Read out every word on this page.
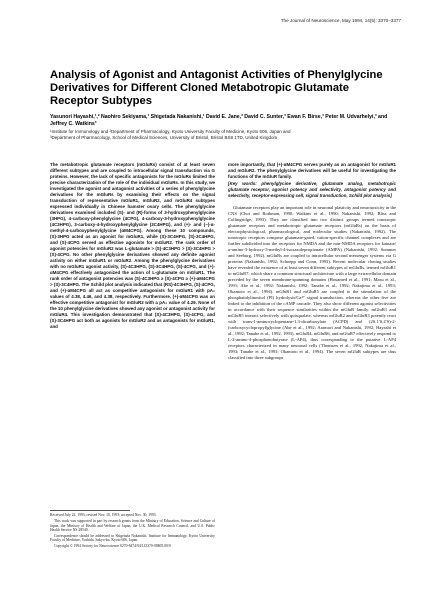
The Journal of Neuroscience, May 1994, 14(5): 3370–3377
Analysis of Agonist and Antagonist Activities of Phenylglycine Derivatives for Different Cloned Metabotropic Glutamate Receptor Subtypes

Yasunori Hayashi,¹,² Naohiro Sekiyama,¹ Shigetada Nakanishi,¹ David E. Jane,³ David C. Sunter,³ Ewan F. Birse,³ Peter M. Udvarhelyi,³ and Jeffrey C. Watkins³

¹Institute for Immunology and ²Department of Pharmacology, Kyoto University Faculty of Medicine, Kyoto 606, Japan and
³Department of Pharmacology, School of Medical Sciences, University of Bristol, Bristol BS8 1TD, United Kingdom

The metabotropic glutamate receptors (mGluRs) consist of at least seven different subtypes and are coupled to intracellular signal transduction via G proteins. However, the lack of specific antagonists for the mGluRs limited the precise characterization of the role of the individual mGluRs. In this study, we investigated the agonist and antagonist activities of a series of phenylglycine derivatives for the mGluRs by examining their effects on the signal transduction of representative mGluR1, mGluR2, and mGluR4 subtypes expressed individually in Chinese hamster ovary cells. The phenylglycine derivatives examined included (S)- and (R)-forms of 3-hydroxyphenylglycine (3HPG), 4-carboxy-phenylglycine (4CPG), 4-carboxy-3-hydroxyphenylglycine (4C3HPG), 3-carboxy-4-hydroxyphenylglycine (3C4HPG), and (+)- and (−)-α-methyl-4-carboxyphenylglycine (αM4CPG). Among these 10 compounds, (S)-3HPG acted as an agonist for mGluR1, while (S)-3C4HPG, (S)-3C4HPG, and (S)-4CPG served as effective agonists for mGluR2. The rank order of agonist potencies for mGluR2 was L-glutamate > (S)-4C3HPG > (S)-3C4HPG > (S)-4CPG. No other phenylglycine derivatives showed any definite agonist activity on either mGluR1 or mGluR2. Among the phenylglycine derivatives with no mGluR1 agonist activity, (S)-4C3HPG, (S)-3C4HPG, (S)-4CPG, and (+)-αM4CPG effectively antagonized the action of L-glutamate on mGluR1. The rank order of antagonist potencies was (S)-4C3HPG ≥ (S)-4CPG ≥ (+)-αM4CPG > (S)-3C4HPG. The Schild plot analysis indicated that (RS)-4C3HPG, (S)-4CPG, and (+)-αM4CPG all act as competitive antagonists for mGluR1 with pA₂ values of 4.38, 4.46, and 4.38, respectively. Furthermore, (+)-αM4CPG was an effective competitive antagonist for mGluR2 with a pA₂ value of 4.29. None of the 10 phenylglycine derivatives showed any agonist or antagonist activity for mGluR4. This investigation demonstrated that (S)-4C3HPG, (S)-4CPG, and (S)-3C4HPG act both as agonists for mGluR2 and as antagonists for mGluR1, and

more importantly, that (+)-αM4CPG serves purely as an antagonist for mGluR1 and mGluR2. The phenylglycine derivatives will be useful for investigating the functions of the mGluR family.

[Key words: phenylglycine derivative, glutamate analog, metabotropic glutamate receptor, agonist potency and selectivity, antagonist potency and selectivity, receptor-expressing cell, signal transduction, Schild plot analysis]

Glutamate receptors play an important role in neuronal plasticity and neurotoxicity in the CNS (Choi and Rothman, 1990; Watkins et al., 1990; Nakanishi, 1992; Bliss and Collingridge, 1993). They are classified into two distinct groups termed ionotropic glutamate receptors and metabotropic glutamate receptors (mGluRs) on the basis of electrophysiological, pharmacological, and molecular studies (Nakanishi, 1992). The ionotropic receptors comprise glutamate-gated, cation-specific channel complexes and are further subdivided into the receptors for NMDA and the non-NMDA receptors for kainate/α-amino-3-hydroxy-5-methyl-4-isoxazolepropionate (AMPA) (Nakanishi, 1992; Sommer and Seeburg, 1992). mGluRs are coupled to intracellular second messenger systems via G proteins (Nakanishi, 1992; Schoepp and Conn, 1993). Recent molecular cloning studies have revealed the existence of at least seven different subtypes of mGluRs, termed mGluR1 to mGluR7, which share a common structural architecture with a large extracellular domain preceded by the seven membrane-spanning domains (Houamed et al., 1991; Masu et al., 1991; Abe et al., 1992; Nakanishi, 1992; Tanabe et al., 1992; Nakajima et al., 1993; Okamoto et al., 1994). mGluR1 and mGluR5 are coupled to the stimulation of the phosphatidylinositol (PI) hydrolysis/Ca²⁺ signal transduction, whereas the other five are linked to the inhibition of the cAMP cascade. They also show different agonist selectivities in accordance with their sequence similarities within the mGluR family. mGluR1 and mGluR5 interact selectively with quisqualate, whereas mGluR2 and mGluR3 potently react with trans-1-aminocyclopentane-1,3-dicarboxylate (ACPD) and (2S,1′S,2′S)-2-(carboxycyclopropyl)glycine (Abe et al., 1992; Aramori and Nakanishi, 1992; Hayashi et al., 1992; Tanabe et al., 1992, 1993). mGluR4, mGluR6, and mGluR7 effectively respond to L-2-amino-4-phosphonobutyrate (L-AP4), thus corresponding to the putative L-AP4 receptors characterized in many neuronal cells (Thomsen et al., 1992; Nakajima et al., 1993; Tanabe et al., 1993; Okamoto et al., 1994). The seven mGluR subtypes are thus classified into three subgroups

Received July 22, 1993; revised Nov. 10, 1993; accepted Nov. 30, 1993.

This work was supported in part by research grants from the Ministry of Education, Science and Culture of Japan, the Ministry of Health and Welfare of Japan, the U.K. Medical Research Council, and U.S. Public Health Service NS 28540.

Correspondence should be addressed to Shigetada Nakanishi, Institute for Immunology, Kyoto University Faculty of Medicine, Yoshida, Sakyo-ku, Kyoto 606, Japan.

Copyright © 1994 Society for Neuroscience 0270-6474/94/143370-08$05.00/0
